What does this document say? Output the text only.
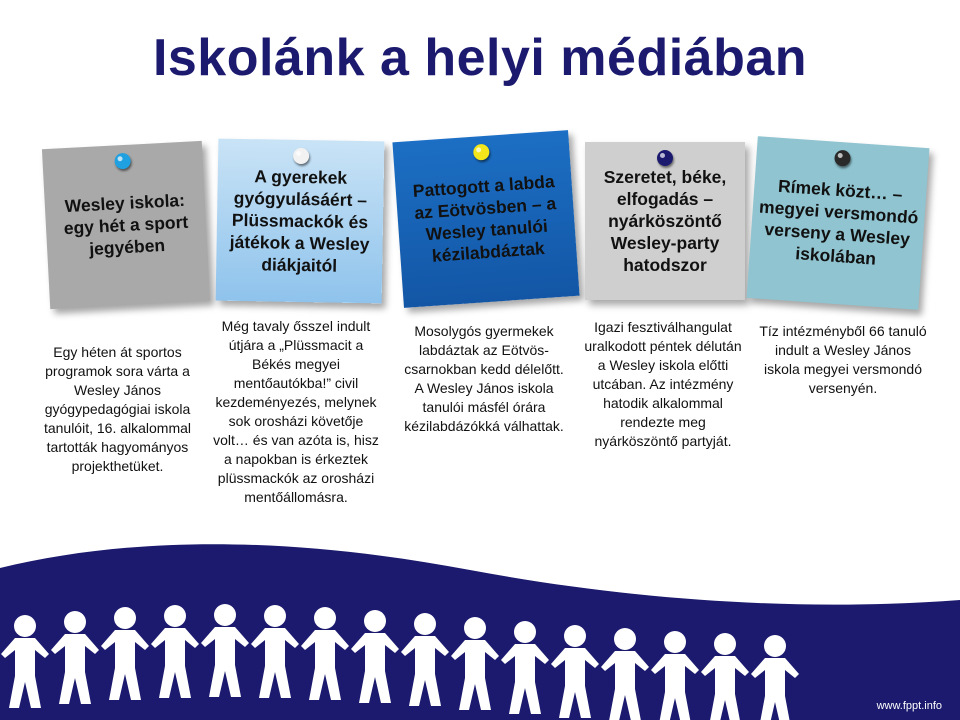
Iskolánk a helyi médiában
Wesley iskola: egy hét a sport jegyében
A gyerekek gyógyulásáért – Plüssmackók és játékok a Wesley diákjaitól
Pattogott a labda az Eötvösben – a Wesley tanulói kézilabdáztak
Szeretet, béke, elfogadás – nyárköszöntő Wesley-party hatodszor
Rímek közt… – megyei versmondó verseny a Wesley iskolában

Egy héten át sportos programok sora várta a Wesley János gyógypedagógiai iskola tanulóit, 16. alkalommal tartották hagyományos projekthetüket.

Még tavaly ősszel indult útjára a „Plüssmacit a Békés megyei mentőautókba!” civil kezdeményezés, melynek sok orosházi követője volt… és van azóta is, hisz a napokban is érkeztek plüssmackók az orosházi mentőállomásra.

Mosolygós gyermekek labdáztak az Eötvös-csarnokban kedd délelőtt. A Wesley János iskola tanulói másfél órára kézilabdázókká válhattak.

Igazi fesztiválhangulat uralkodott péntek délután a Wesley iskola előtti utcában. Az intézmény hatodik alkalommal rendezte meg nyárköszöntő partyját.

Tíz intézményből 66 tanuló indult a Wesley János iskola megyei versmondó versenyén.

www.fppt.info
